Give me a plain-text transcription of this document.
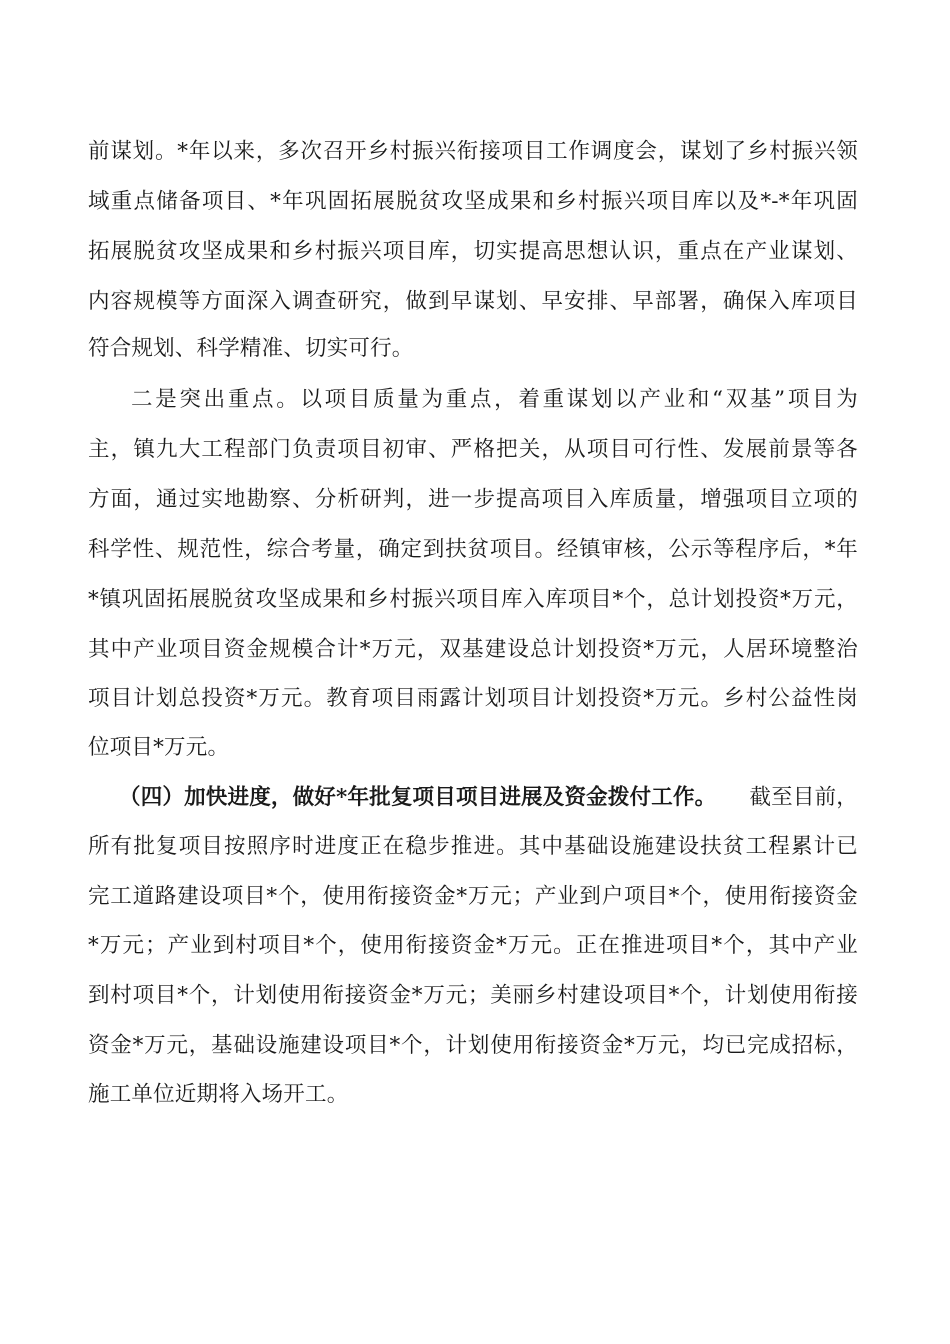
前谋划。*年以来，多次召开乡村振兴衔接项目工作调度会，谋划了乡村振兴领
域重点储备项目、*年巩固拓展脱贫攻坚成果和乡村振兴项目库以及*-*年巩固
拓展脱贫攻坚成果和乡村振兴项目库，切实提高思想认识，重点在产业谋划、
内容规模等方面深入调查研究，做到早谋划、早安排、早部署，确保入库项目
符合规划、科学精准、切实可行。
二是突出重点。以项目质量为重点，着重谋划以产业和“双基”项目为
主，镇九大工程部门负责项目初审、严格把关，从项目可行性、发展前景等各
方面，通过实地勘察、分析研判，进一步提高项目入库质量，增强项目立项的
科学性、规范性，综合考量，确定到扶贫项目。经镇审核，公示等程序后，*年
*镇巩固拓展脱贫攻坚成果和乡村振兴项目库入库项目*个，总计划投资*万元，
其中产业项目资金规模合计*万元，双基建设总计划投资*万元，人居环境整治
项目计划总投资*万元。教育项目雨露计划项目计划投资*万元。乡村公益性岗
位项目*万元。
（四）加快进度，做好*年批复项目项目进展及资金拨付工作。 截至目前，
所有批复项目按照序时进度正在稳步推进。其中基础设施建设扶贫工程累计已
完工道路建设项目*个，使用衔接资金*万元；产业到户项目*个，使用衔接资金
*万元；产业到村项目*个，使用衔接资金*万元。正在推进项目*个，其中产业
到村项目*个，计划使用衔接资金*万元；美丽乡村建设项目*个，计划使用衔接
资金*万元，基础设施建设项目*个，计划使用衔接资金*万元，均已完成招标，
施工单位近期将入场开工。
